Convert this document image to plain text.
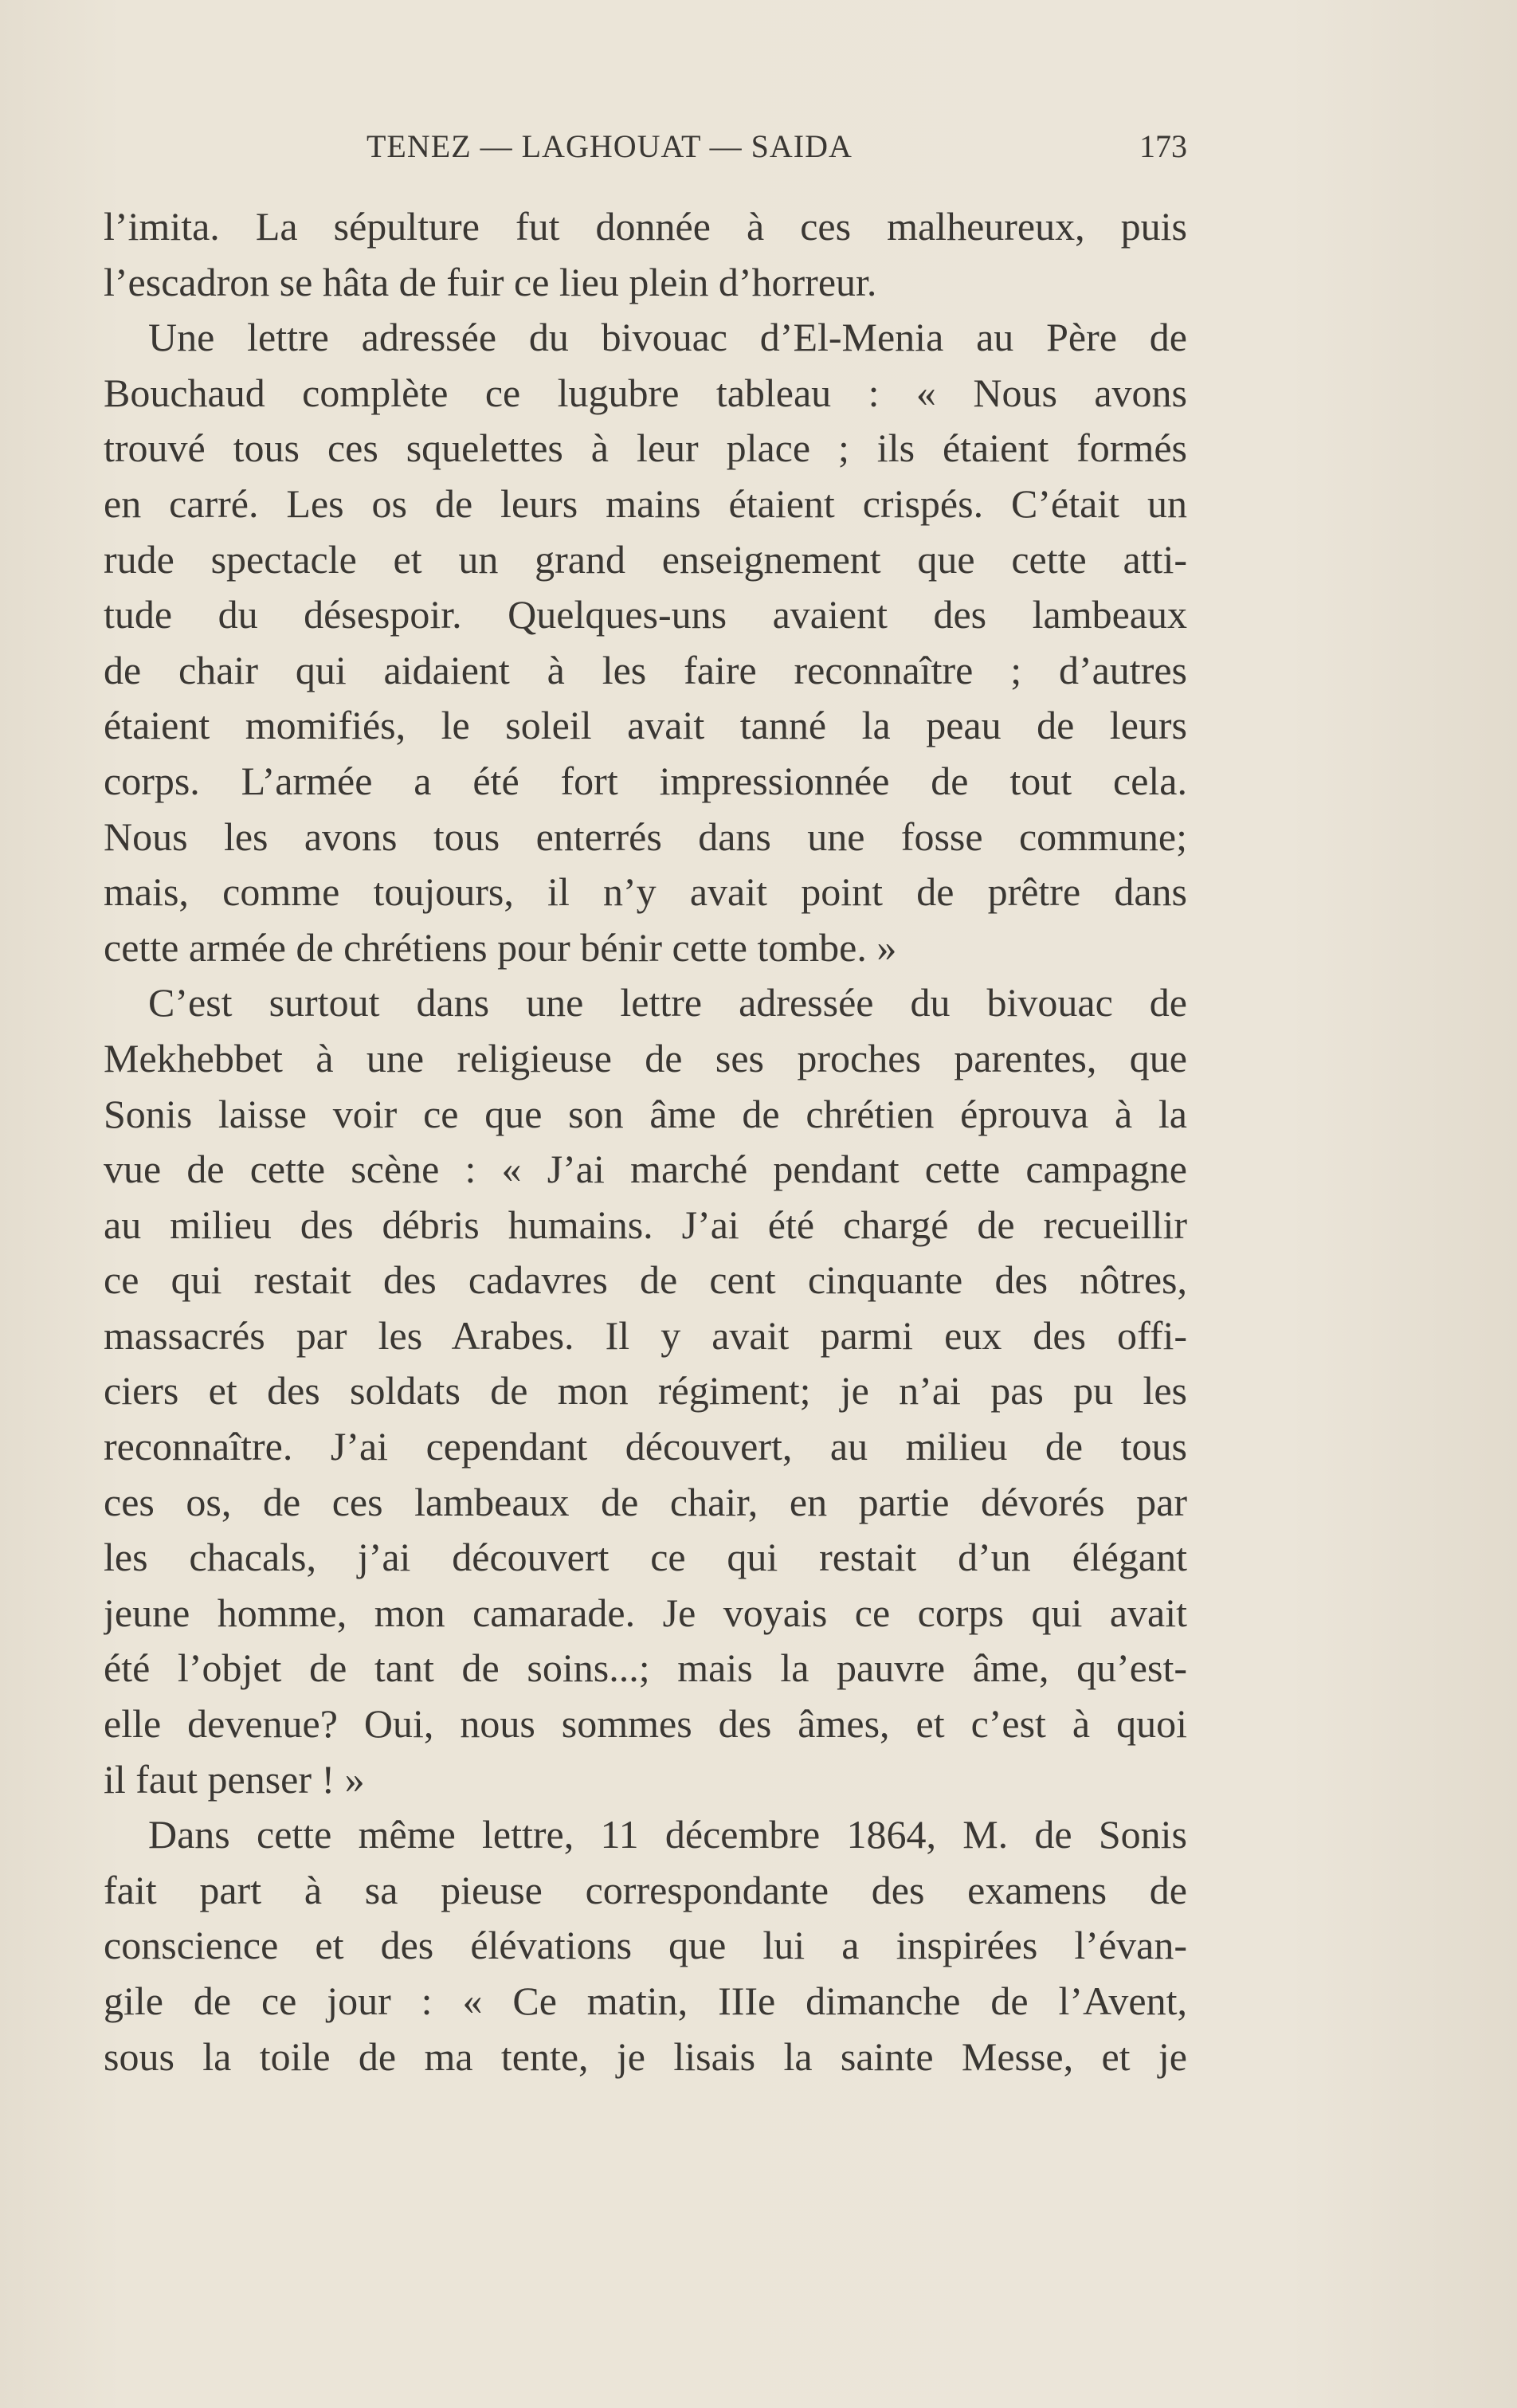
TENEZ — LAGHOUAT — SAIDA	173
l’imita. La sépulture fut donnée à ces malheureux, puis
l’escadron se hâta de fuir ce lieu plein d’horreur.
Une lettre adressée du bivouac d’El-Menia au Père de
Bouchaud complète ce lugubre tableau : « Nous avons
trouvé tous ces squelettes à leur place ; ils étaient formés
en carré. Les os de leurs mains étaient crispés. C’était un
rude spectacle et un grand enseignement que cette atti-
tude du désespoir. Quelques-uns avaient des lambeaux
de chair qui aidaient à les faire reconnaître ; d’autres
étaient momifiés, le soleil avait tanné la peau de leurs
corps. L’armée a été fort impressionnée de tout cela.
Nous les avons tous enterrés dans une fosse commune;
mais, comme toujours, il n’y avait point de prêtre dans
cette armée de chrétiens pour bénir cette tombe. »
C’est surtout dans une lettre adressée du bivouac de
Mekhebbet à une religieuse de ses proches parentes, que
Sonis laisse voir ce que son âme de chrétien éprouva à la
vue de cette scène : « J’ai marché pendant cette campagne
au milieu des débris humains. J’ai été chargé de recueillir
ce qui restait des cadavres de cent cinquante des nôtres,
massacrés par les Arabes. Il y avait parmi eux des offi-
ciers et des soldats de mon régiment; je n’ai pas pu les
reconnaître. J’ai cependant découvert, au milieu de tous
ces os, de ces lambeaux de chair, en partie dévorés par
les chacals, j’ai découvert ce qui restait d’un élégant
jeune homme, mon camarade. Je voyais ce corps qui avait
été l’objet de tant de soins...; mais la pauvre âme, qu’est-
elle devenue? Oui, nous sommes des âmes, et c’est à quoi
il faut penser ! »
Dans cette même lettre, 11 décembre 1864, M. de Sonis
fait part à sa pieuse correspondante des examens de
conscience et des élévations que lui a inspirées l’évan-
gile de ce jour : « Ce matin, IIIe dimanche de l’Avent,
sous la toile de ma tente, je lisais la sainte Messe, et je
